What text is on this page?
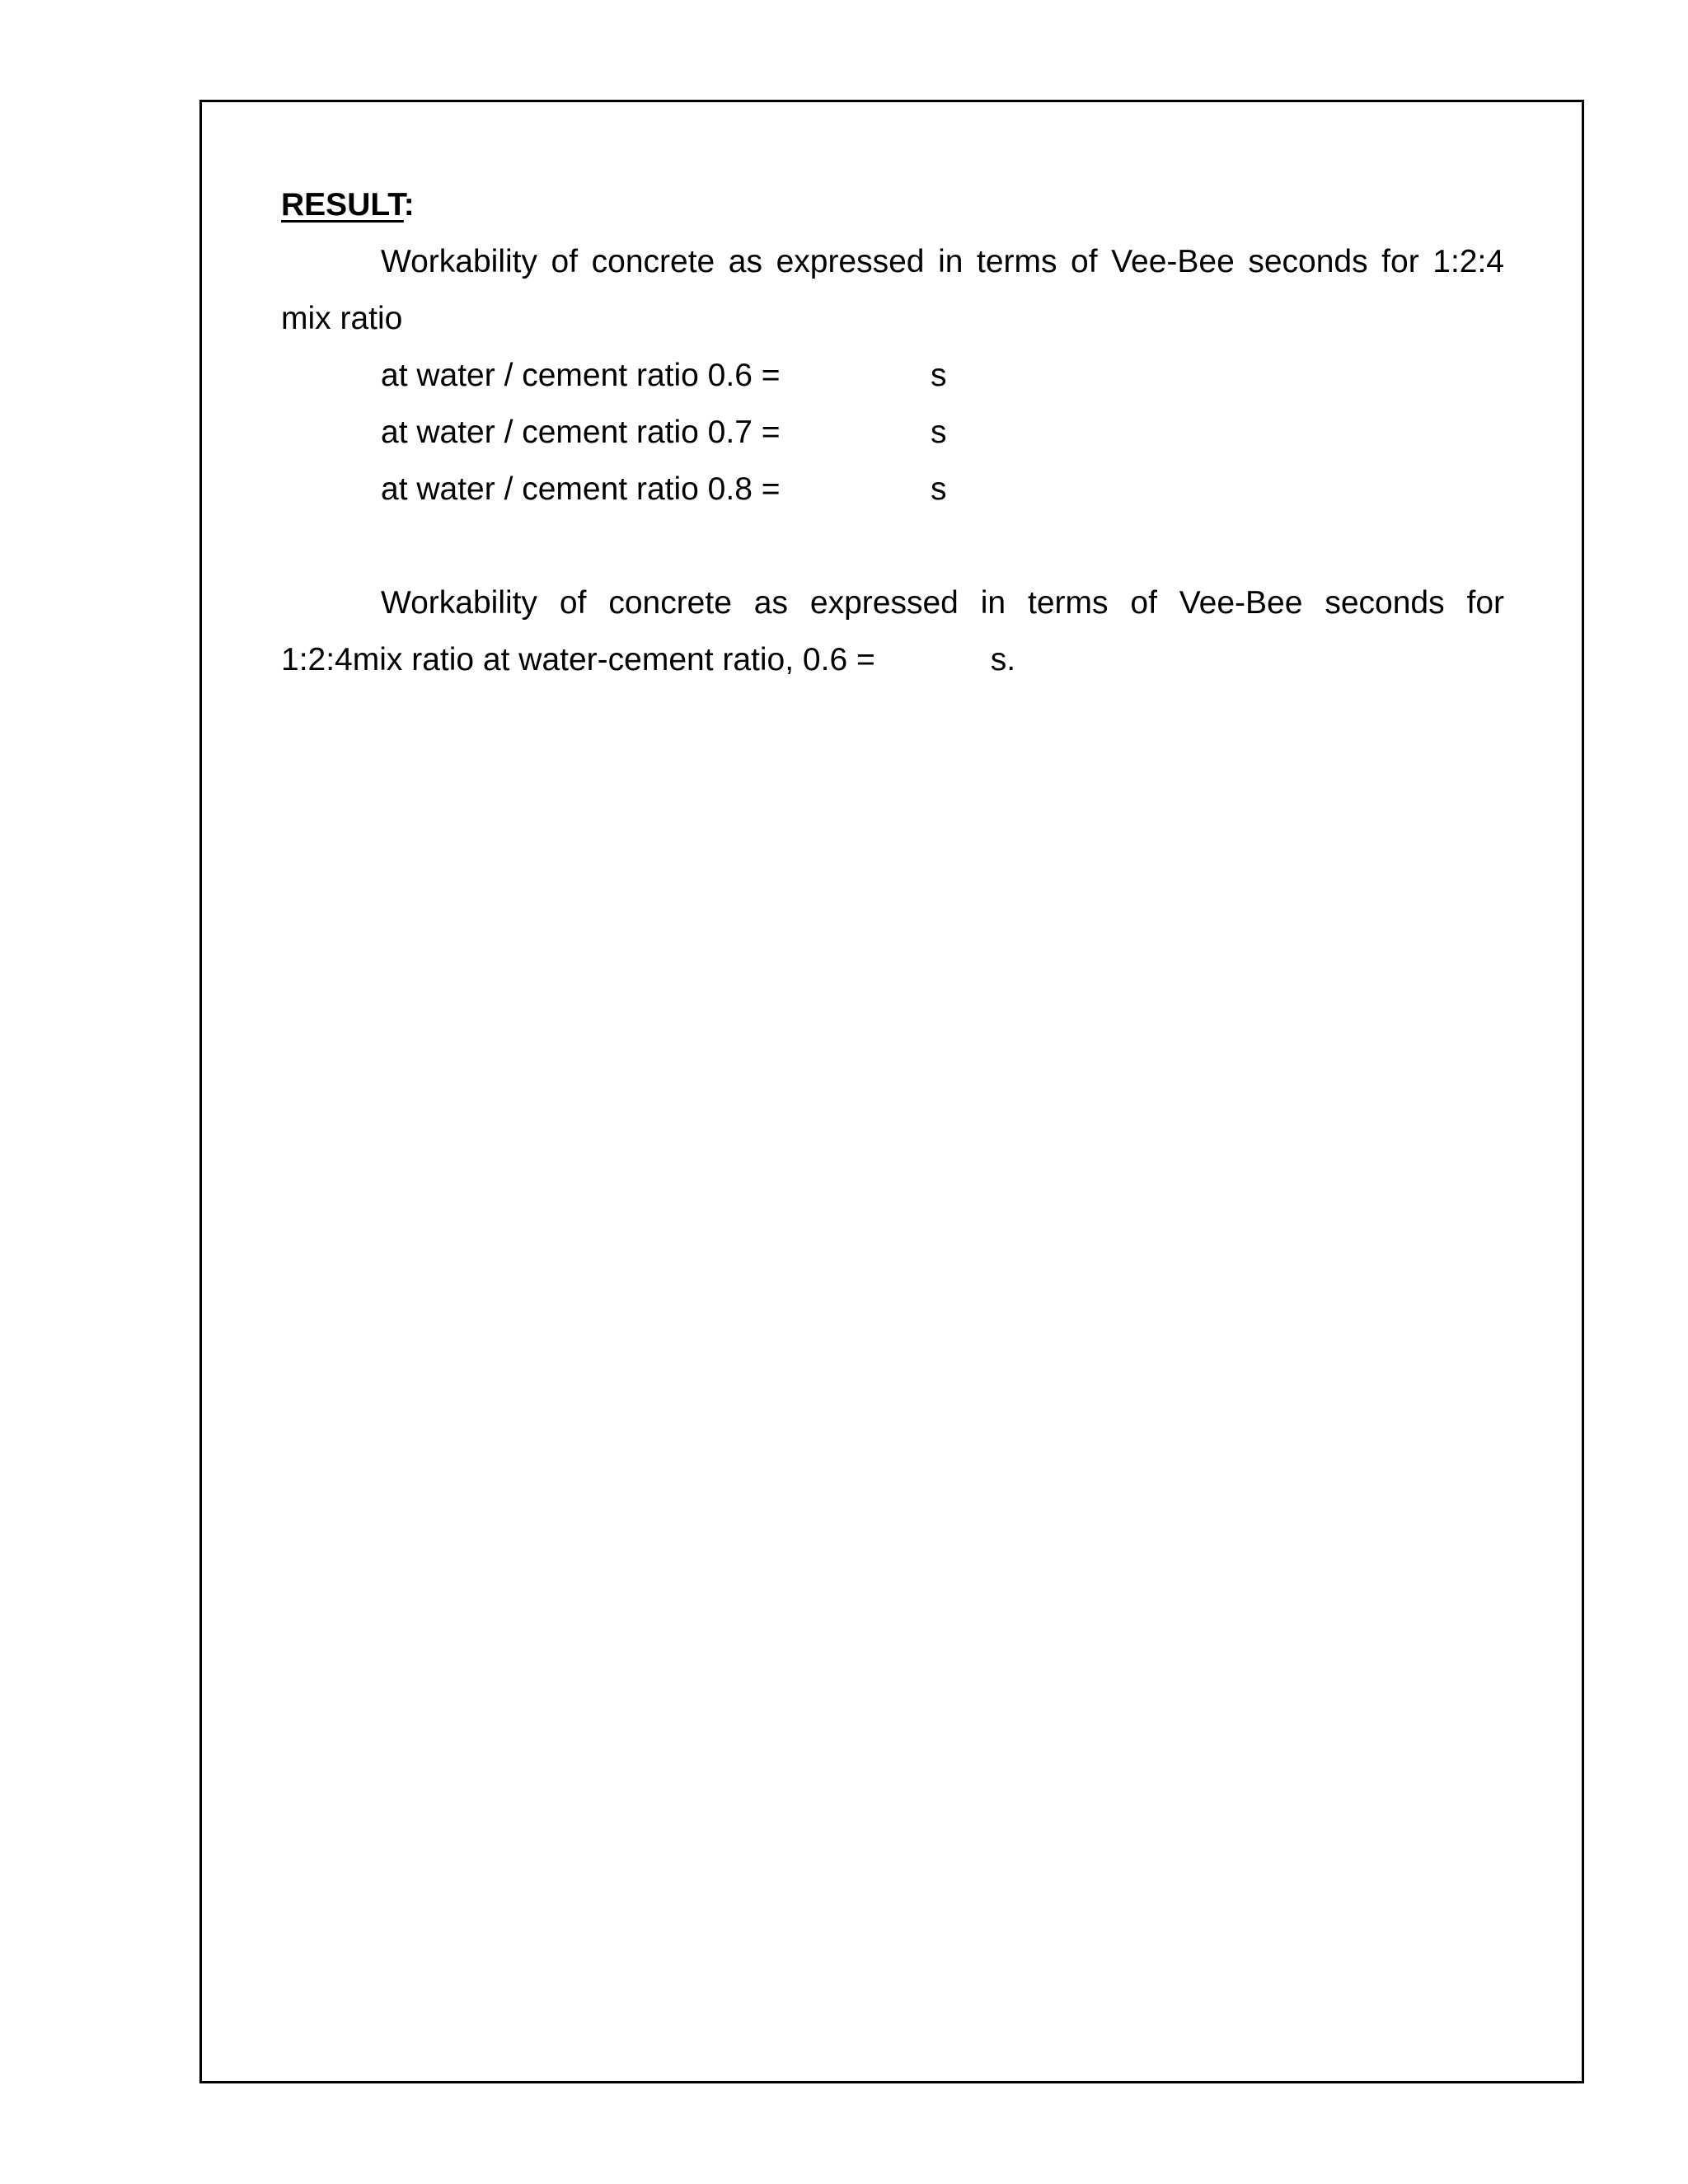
RESULT:
Workability of concrete as expressed in terms of Vee-Bee seconds for 1:2:4
mix ratio
at water / cement ratio 0.6 =	s
at water / cement ratio 0.7 =	s
at water / cement ratio 0.8 =	s
Workability of concrete as expressed in terms of Vee-Bee seconds for
1:2:4mix ratio at water-cement ratio, 0.6 =	s.
